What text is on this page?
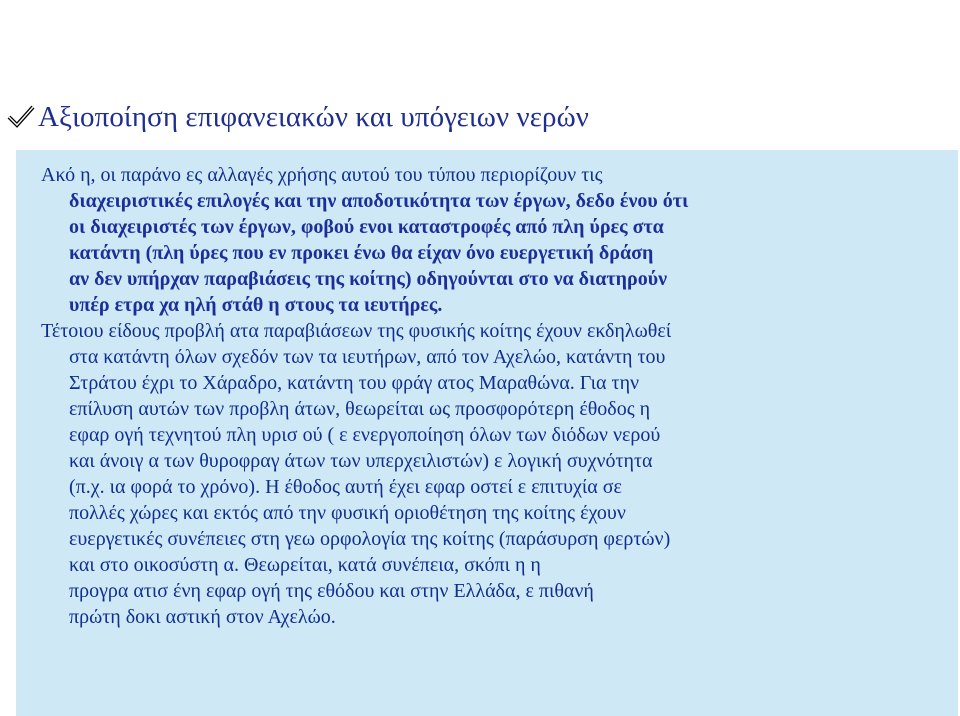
Αξιοποίηση επιφανειακών και υπόγειων νερών
Ακό η, οι παράνο ες αλλαγές χρήσης αυτού του τύπου περιορίζουν τις
διαχειριστικές επιλογές και την αποδοτικότητα των έργων, δεδο ένου ότι
οι διαχειριστές των έργων, φοβού ενοι καταστροφές από πλη ύρες στα
κατάντη (πλη ύρες που εν προκει ένω θα είχαν όνο ευεργετική δράση
αν δεν υπήρχαν παραβιάσεις της κοίτης) οδηγούνται στο να διατηρούν
υπέρ ετρα χα ηλή στάθ η στους τα ιευτήρες.
Τέτοιου είδους προβλή ατα παραβιάσεων της φυσικής κοίτης έχουν εκδηλωθεί
στα κατάντη όλων σχεδόν των τα ιευτήρων, από τον Αχελώο, κατάντη του
Στράτου έχρι το Χάραδρο, κατάντη του φράγ ατος Μαραθώνα. Για την
επίλυση αυτών των προβλη άτων, θεωρείται ως προσφορότερη έθοδος η
εφαρ ογή τεχνητού πλη υρισ ού ( ε ενεργοποίηση όλων των διόδων νερού
και άνοιγ α των θυροφραγ άτων των υπερχειλιστών) ε λογική συχνότητα
(π.χ. ια φορά το χρόνο). Η έθοδος αυτή έχει εφαρ οστεί ε επιτυχία σε
πολλές χώρες και εκτός από την φυσική οριοθέτηση της κοίτης έχουν
ευεργετικές συνέπειες στη γεω ορφολογία της κοίτης (παράσυρση φερτών)
και στο οικοσύστη α. Θεωρείται, κατά συνέπεια, σκόπι η η
προγρα ατισ ένη εφαρ ογή της εθόδου και στην Ελλάδα, ε πιθανή
πρώτη δοκι αστική στον Αχελώο.
